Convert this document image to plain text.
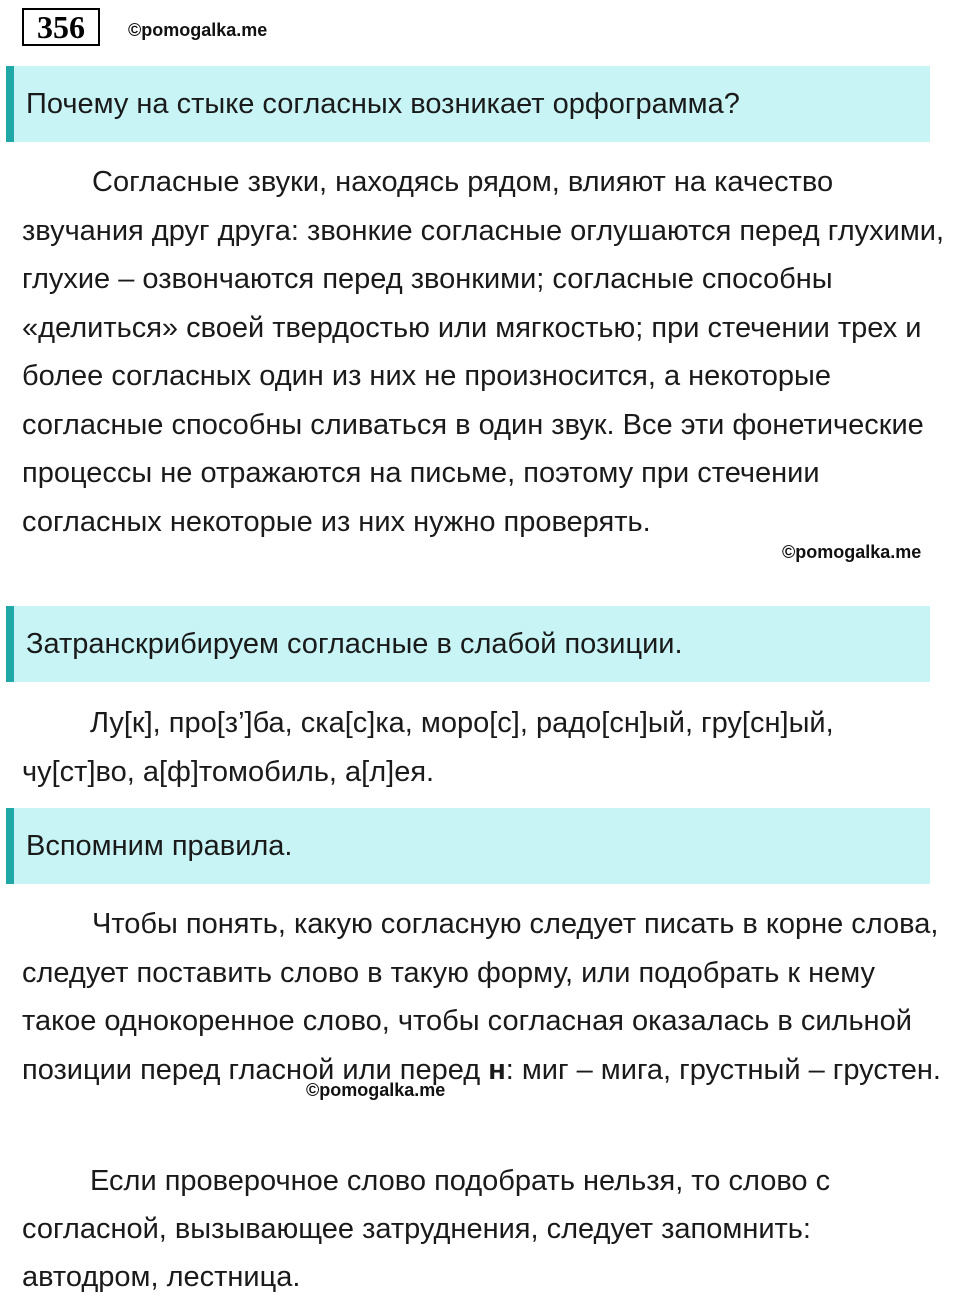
356	©pomogalka.me
Почему на стыке согласных возникает орфограмма?
Согласные звуки, находясь рядом, влияют на качество звучания друг друга: звонкие согласные оглушаются перед глухими, глухие – озвончаются перед звонкими; согласные способны «делиться» своей твердостью или мягкостью; при стечении трех и более согласных один из них не произносится, а некоторые согласные способны сливаться в один звук. Все эти фонетические процессы не отражаются на письме, поэтому при стечении согласных некоторые из них нужно проверять.
©pomogalka.me
Затранскрибируем согласные в слабой позиции.
Лу[к], про[з’]ба, ска[с]ка, моро[с], радо[сн]ый, гру[сн]ый, чу[ст]во, а[ф]томобиль, а[л]ея.
Вспомним правила.
Чтобы понять, какую согласную следует писать в корне слова, следует поставить слово в такую форму, или подобрать к нему такое однокоренное слово, чтобы согласная оказалась в сильной позиции перед гласной или перед н: миг – мига, грустный – грустен.
©pomogalka.me
Если проверочное слово подобрать нельзя, то слово с согласной, вызывающее затруднения, следует запомнить: автодром, лестница.
